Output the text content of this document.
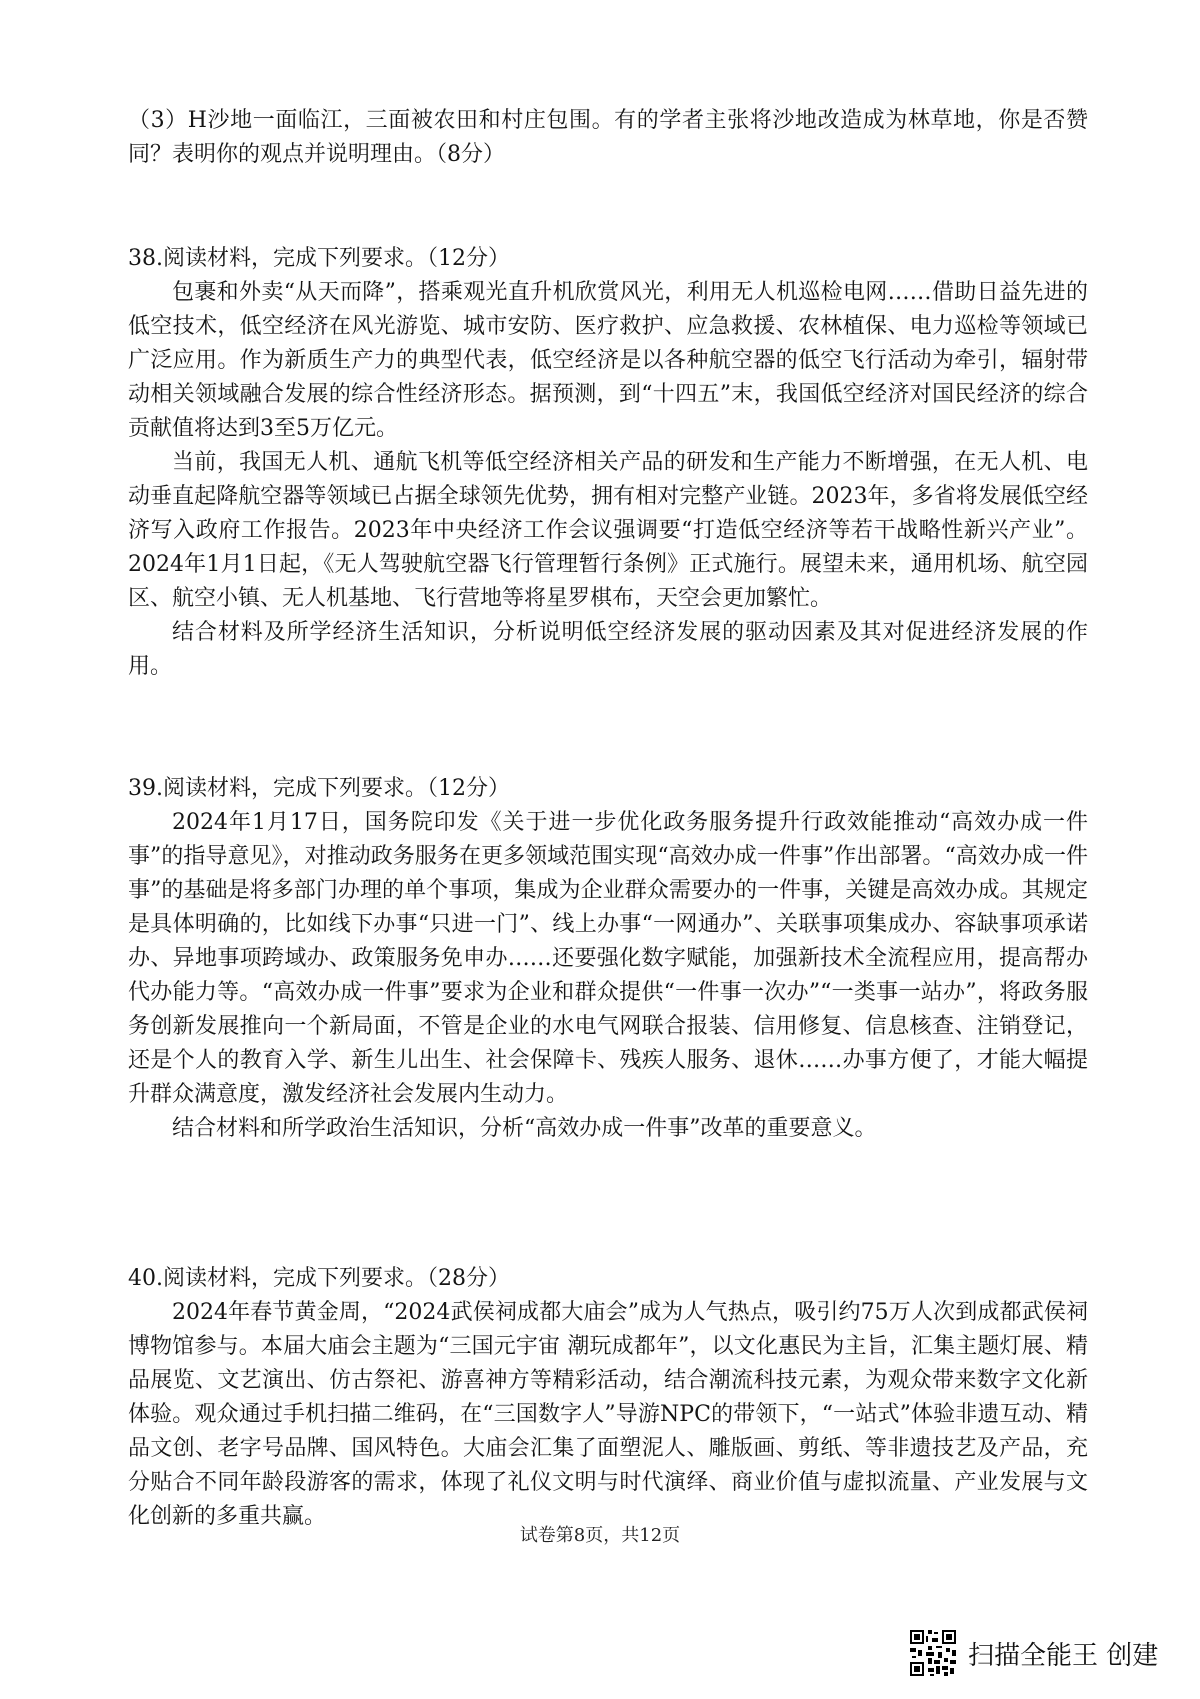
（3）H沙地一面临江，三面被农田和村庄包围。有的学者主张将沙地改造成为林草地，你是否赞同？表明你的观点并说明理由。（8分）

38.阅读材料，完成下列要求。（12分）

包裹和外卖“从天而降”，搭乘观光直升机欣赏风光，利用无人机巡检电网……借助日益先进的低空技术，低空经济在风光游览、城市安防、医疗救护、应急救援、农林植保、电力巡检等领域已广泛应用。作为新质生产力的典型代表，低空经济是以各种航空器的低空飞行活动为牵引，辐射带动相关领域融合发展的综合性经济形态。据预测，到“十四五”末，我国低空经济对国民经济的综合贡献值将达到3至5万亿元。

当前，我国无人机、通航飞机等低空经济相关产品的研发和生产能力不断增强，在无人机、电动垂直起降航空器等领域已占据全球领先优势，拥有相对完整产业链。2023年，多省将发展低空经济写入政府工作报告。2023年中央经济工作会议强调要“打造低空经济等若干战略性新兴产业”。2024年1月1日起，《无人驾驶航空器飞行管理暂行条例》正式施行。展望未来，通用机场、航空园区、航空小镇、无人机基地、飞行营地等将星罗棋布，天空会更加繁忙。

结合材料及所学经济生活知识，分析说明低空经济发展的驱动因素及其对促进经济发展的作用。

39.阅读材料，完成下列要求。（12分）

2024年1月17日，国务院印发《关于进一步优化政务服务提升行政效能推动“高效办成一件事”的指导意见》，对推动政务服务在更多领域范围实现“高效办成一件事”作出部署。“高效办成一件事”的基础是将多部门办理的单个事项，集成为企业群众需要办的一件事，关键是高效办成。其规定是具体明确的，比如线下办事“只进一门”、线上办事“一网通办”、关联事项集成办、容缺事项承诺办、异地事项跨域办、政策服务免申办……还要强化数字赋能，加强新技术全流程应用，提高帮办代办能力等。“高效办成一件事”要求为企业和群众提供“一件事一次办”“一类事一站办”，将政务服务创新发展推向一个新局面，不管是企业的水电气网联合报装、信用修复、信息核查、注销登记，还是个人的教育入学、新生儿出生、社会保障卡、残疾人服务、退休……办事方便了，才能大幅提升群众满意度，激发经济社会发展内生动力。

结合材料和所学政治生活知识，分析“高效办成一件事”改革的重要意义。

40.阅读材料，完成下列要求。（28分）

2024年春节黄金周，“2024武侯祠成都大庙会”成为人气热点，吸引约75万人次到成都武侯祠博物馆参与。本届大庙会主题为“三国元宇宙 潮玩成都年”，以文化惠民为主旨，汇集主题灯展、精品展览、文艺演出、仿古祭祀、游喜神方等精彩活动，结合潮流科技元素，为观众带来数字文化新体验。观众通过手机扫描二维码，在“三国数字人”导游NPC的带领下，“一站式”体验非遗互动、精品文创、老字号品牌、国风特色。大庙会汇集了面塑泥人、雕版画、剪纸、等非遗技艺及产品，充分贴合不同年龄段游客的需求，体现了礼仪文明与时代演绎、商业价值与虚拟流量、产业发展与文化创新的多重共赢。

试卷第8页，共12页
扫描全能王 创建
